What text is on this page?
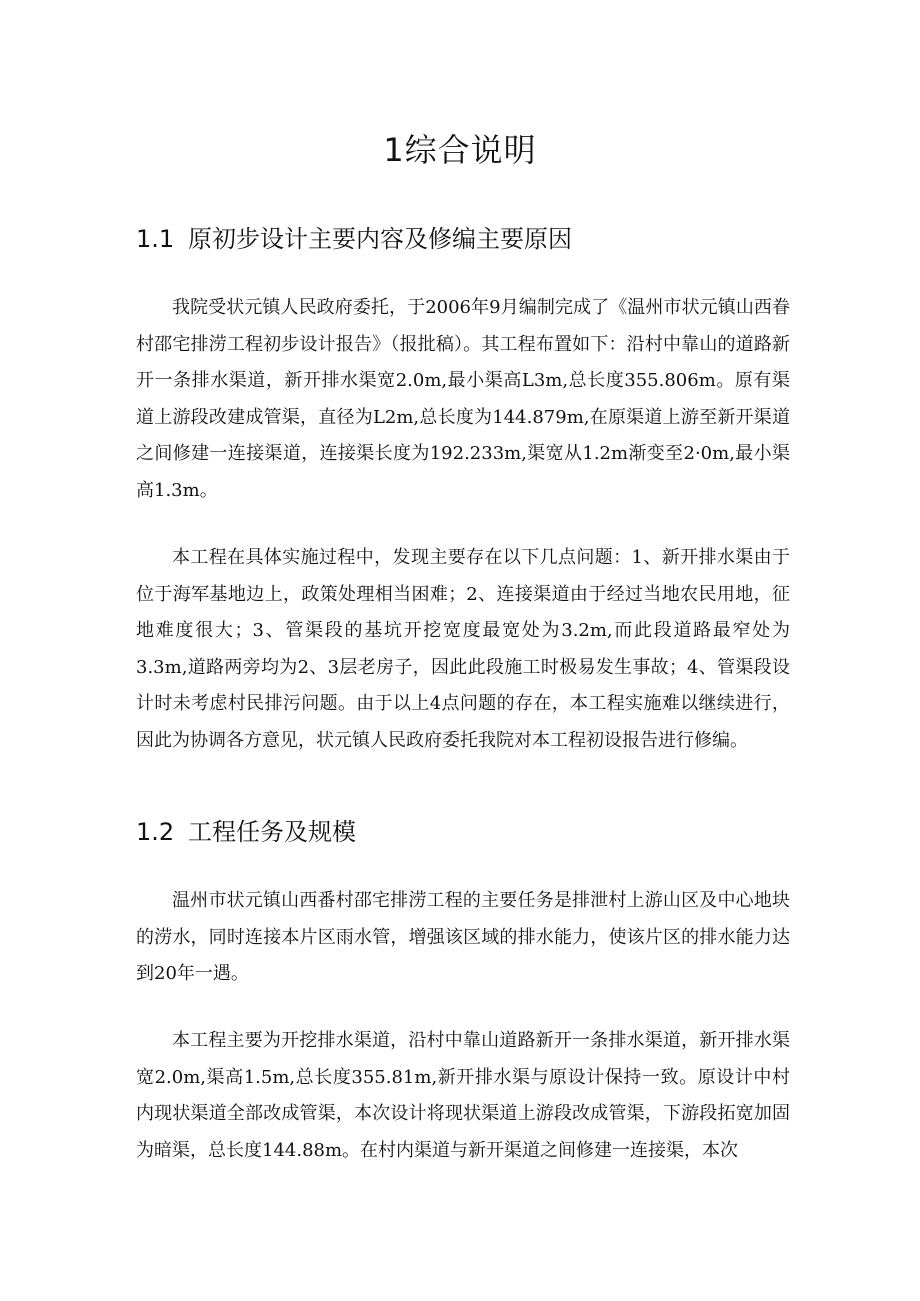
1综合说明
1.1 原初步设计主要内容及修编主要原因

我院受状元镇人民政府委托，于2006年9月编制完成了《温州市状元镇山西眷村邵宅排涝工程初步设计报告》（报批稿）。其工程布置如下：沿村中靠山的道路新开一条排水渠道，新开排水渠宽2.0m,最小渠高L3m,总长度355.806m。原有渠道上游段改建成管渠，直径为L2m,总长度为144.879m,在原渠道上游至新开渠道之间修建一连接渠道，连接渠长度为192.233m,渠宽从1.2m渐变至2·0m,最小渠高1.3m。

本工程在具体实施过程中，发现主要存在以下几点问题：1、新开排水渠由于位于海军基地边上，政策处理相当困难；2、连接渠道由于经过当地农民用地，征地难度很大；3、管渠段的基坑开挖宽度最宽处为3.2m,而此段道路最窄处为3.3m,道路两旁均为2、3层老房子，因此此段施工时极易发生事故；4、管渠段设计时未考虑村民排污问题。由于以上4点问题的存在，本工程实施难以继续进行，因此为协调各方意见，状元镇人民政府委托我院对本工程初设报告进行修编。

1.2 工程任务及规模

温州市状元镇山西番村邵宅排涝工程的主要任务是排泄村上游山区及中心地块的涝水，同时连接本片区雨水管，增强该区域的排水能力，使该片区的排水能力达到20年一遇。

本工程主要为开挖排水渠道，沿村中靠山道路新开一条排水渠道，新开排水渠宽2.0m,渠高1.5m,总长度355.81m,新开排水渠与原设计保持一致。原设计中村内现状渠道全部改成管渠，本次设计将现状渠道上游段改成管渠，下游段拓宽加固为暗渠，总长度144.88m。在村内渠道与新开渠道之间修建一连接渠，本次
